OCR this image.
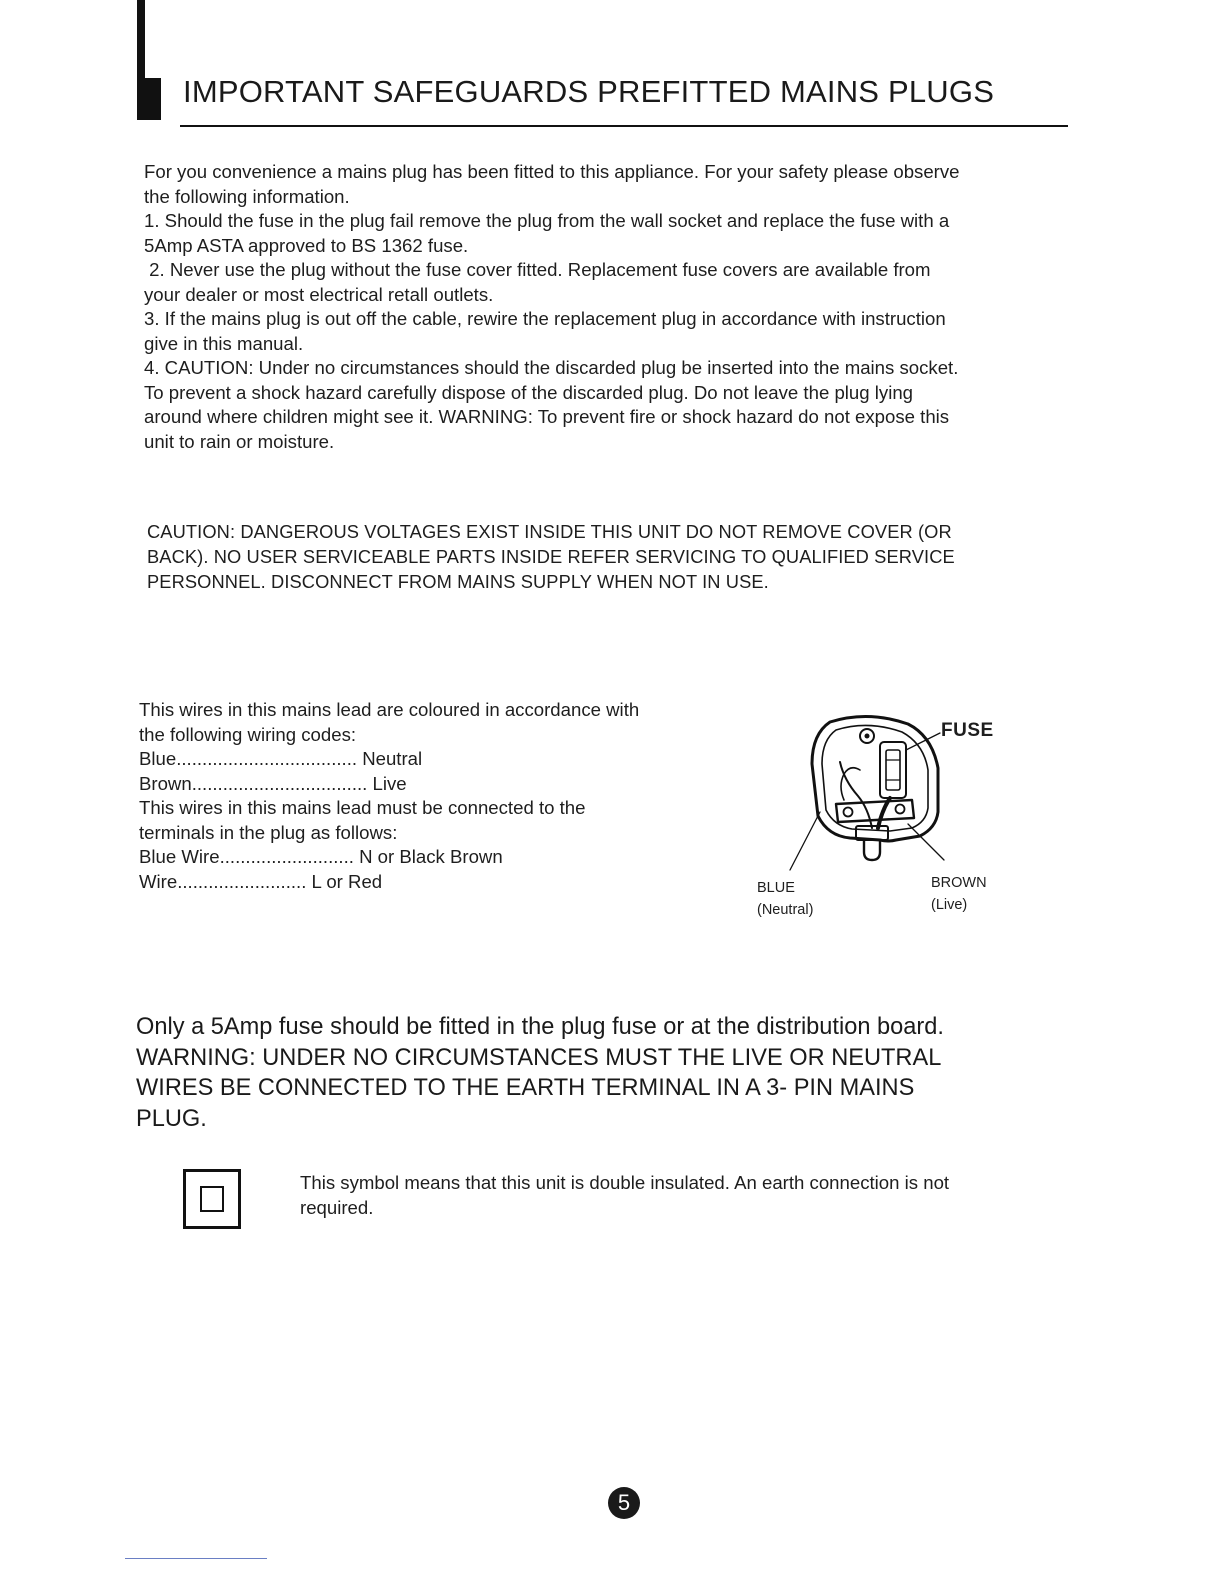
IMPORTANT SAFEGUARDS PREFITTED MAINS PLUGS

For you convenience a mains plug has been fitted to this appliance. For your safety please observe

the following information.

1. Should the fuse in the plug fail remove the plug from the wall socket and replace the fuse with a

5Amp ASTA approved to BS 1362 fuse.

2. Never use the plug without the fuse cover fitted. Replacement fuse covers are available from

your dealer or most electrical retall outlets.

3. If the mains plug is out off the cable, rewire the replacement plug in accordance with instruction

give in this manual.

4. CAUTION: Under no circumstances should the discarded plug be inserted into the mains socket.

To prevent a shock hazard carefully dispose of the discarded plug. Do not leave the plug lying

around where children might see it. WARNING: To prevent fire or shock hazard do not expose this

unit to rain or moisture.

CAUTION: DANGEROUS VOLTAGES EXIST INSIDE THIS UNIT DO NOT REMOVE COVER (OR

BACK). NO USER SERVICEABLE PARTS INSIDE REFER SERVICING TO QUALIFIED SERVICE

PERSONNEL. DISCONNECT FROM MAINS SUPPLY WHEN NOT IN USE.

This wires in this mains lead are coloured in accordance with

the following wiring codes:

Blue................................... Neutral

Brown.................................. Live

This wires in this mains lead must be connected to the

terminals in the plug as follows:

Blue Wire.......................... N or Black Brown

Wire......................... L or Red

FUSE
BLUE
(Neutral)
BROWN
(Live)

Only a 5Amp fuse should be fitted in the plug fuse or at the distribution board.

WARNING: UNDER NO CIRCUMSTANCES MUST THE LIVE OR NEUTRAL

WIRES BE CONNECTED TO THE EARTH TERMINAL IN A 3- PIN MAINS

PLUG.

This symbol means that this unit is double insulated. An earth connection is not

required.

5
